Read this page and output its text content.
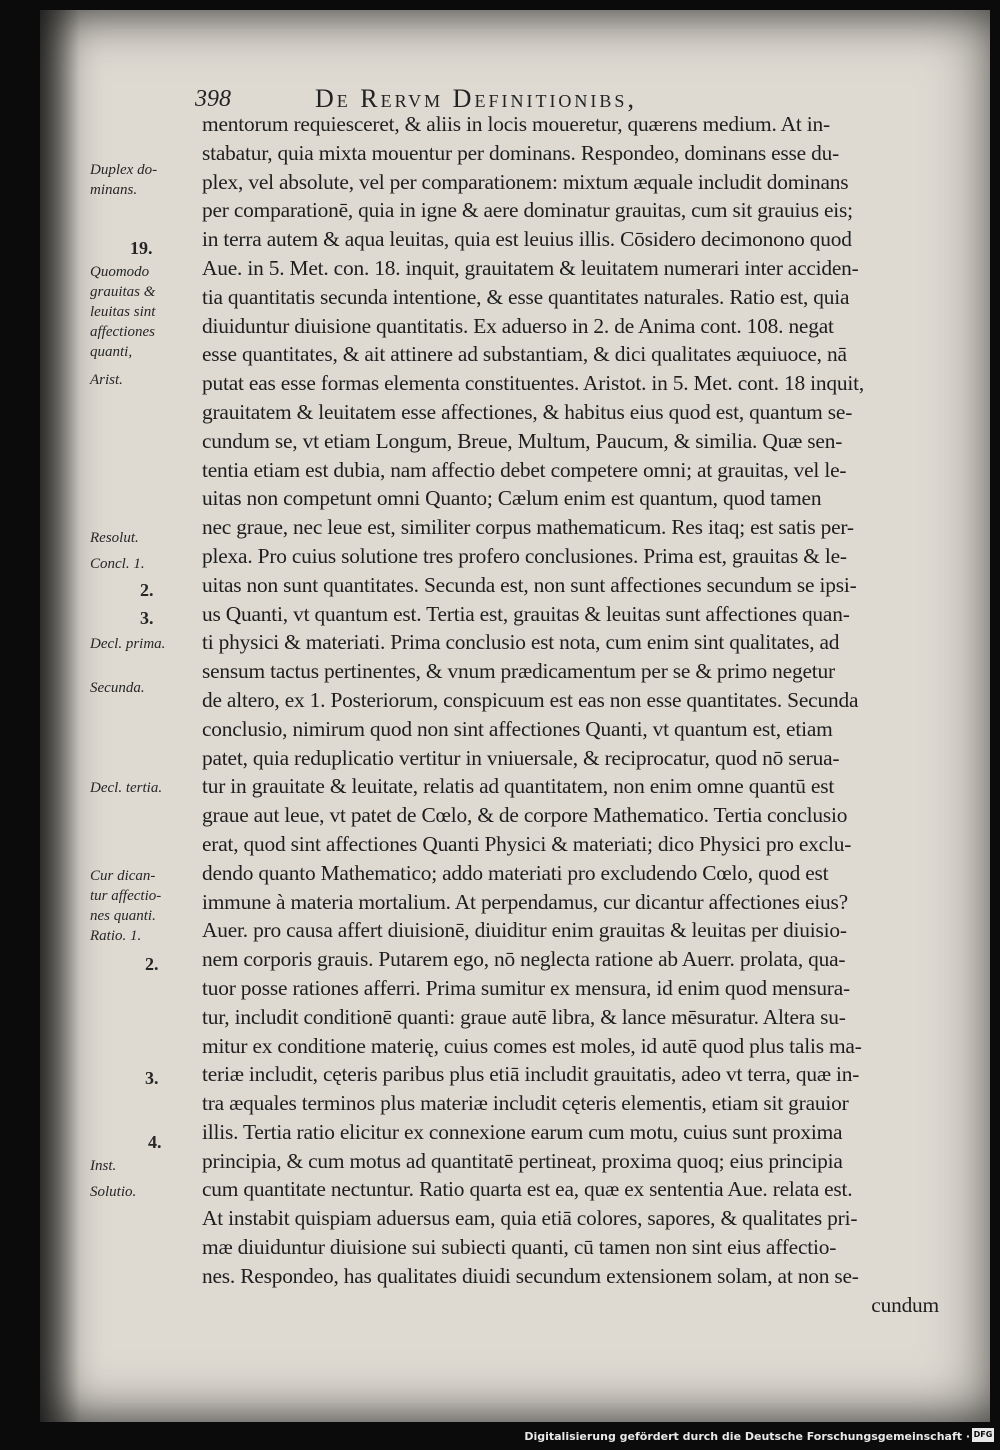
398	De Rervm Definitionibs,
Duplex do-
minans.
19.
Quomodo
grauitas &
leuitas sint
affectiones
quanti,
Arist.
Resolut.
Concl. 1.
2.
3.
Decl. prima.
Secunda.
Decl. tertia.
Cur dican-
tur affectio-
nes quanti.
Ratio. 1.
2.
3.
4.
Inst.
Solutio.
mentorum requiesceret, & aliis in locis moueretur, quærens medium. At in-
stabatur, quia mixta mouentur per dominans. Respondeo, dominans esse du-
plex, vel absolute, vel per comparationem: mixtum æquale includit dominans
per comparationē, quia in igne & aere dominatur grauitas, cum sit grauius eis;
in terra autem & aqua leuitas, quia est leuius illis. Cōsidero decimonono quod
Aue. in 5. Met. con. 18. inquit, grauitatem & leuitatem numerari inter acciden-
tia quantitatis secunda intentione, & esse quantitates naturales. Ratio est, quia
diuiduntur diuisione quantitatis. Ex aduerso in 2. de Anima cont. 108. negat
esse quantitates, & ait attinere ad substantiam, & dici qualitates æquiuoce, nā
putat eas esse formas elementa constituentes. Aristot. in 5. Met. cont. 18 inquit,
grauitatem & leuitatem esse affectiones, & habitus eius quod est, quantum se-
cundum se, vt etiam Longum, Breue, Multum, Paucum, & similia. Quæ sen-
tentia etiam est dubia, nam affectio debet competere omni; at grauitas, vel le-
uitas non competunt omni Quanto; Cælum enim est quantum, quod tamen
nec graue, nec leue est, similiter corpus mathematicum. Res itaq; est satis per-
plexa. Pro cuius solutione tres profero conclusiones. Prima est, grauitas & le-
uitas non sunt quantitates. Secunda est, non sunt affectiones secundum se ipsi-
us Quanti, vt quantum est. Tertia est, grauitas & leuitas sunt affectiones quan-
ti physici & materiati. Prima conclusio est nota, cum enim sint qualitates, ad
sensum tactus pertinentes, & vnum prædicamentum per se & primo negetur
de altero, ex 1. Posteriorum, conspicuum est eas non esse quantitates. Secunda
conclusio, nimirum quod non sint affectiones Quanti, vt quantum est, etiam
patet, quia reduplicatio vertitur in vniuersale, & reciprocatur, quod nō serua-
tur in grauitate & leuitate, relatis ad quantitatem, non enim omne quantū est
graue aut leue, vt patet de Cœlo, & de corpore Mathematico. Tertia conclusio
erat, quod sint affectiones Quanti Physici & materiati; dico Physici pro exclu-
dendo quanto Mathematico; addo materiati pro excludendo Cœlo, quod est
immune à materia mortalium. At perpendamus, cur dicantur affectiones eius?
Auer. pro causa affert diuisionē, diuiditur enim grauitas & leuitas per diuisio-
nem corporis grauis. Putarem ego, nō neglecta ratione ab Auerr. prolata, qua-
tuor posse rationes afferri. Prima sumitur ex mensura, id enim quod mensura-
tur, includit conditionē quanti: graue autē libra, & lance mēsuratur. Altera su-
mitur ex conditione materię, cuius comes est moles, id autē quod plus talis ma-
teriæ includit, cęteris paribus plus etiā includit grauitatis, adeo vt terra, quæ in-
tra æquales terminos plus materiæ includit cęteris elementis, etiam sit grauior
illis. Tertia ratio elicitur ex connexione earum cum motu, cuius sunt proxima
principia, & cum motus ad quantitatē pertineat, proxima quoq; eius principia
cum quantitate nectuntur. Ratio quarta est ea, quæ ex sententia Aue. relata est.
At instabit quispiam aduersus eam, quia etiā colores, sapores, & qualitates pri-
mæ diuiduntur diuisione sui subiecti quanti, cū tamen non sint eius affectio-
nes. Respondeo, has qualitates diuidi secundum extensionem solam, at non se-
cundum
Digitalisierung gefördert durch die Deutsche Forschungsgemeinschaft · DFG
